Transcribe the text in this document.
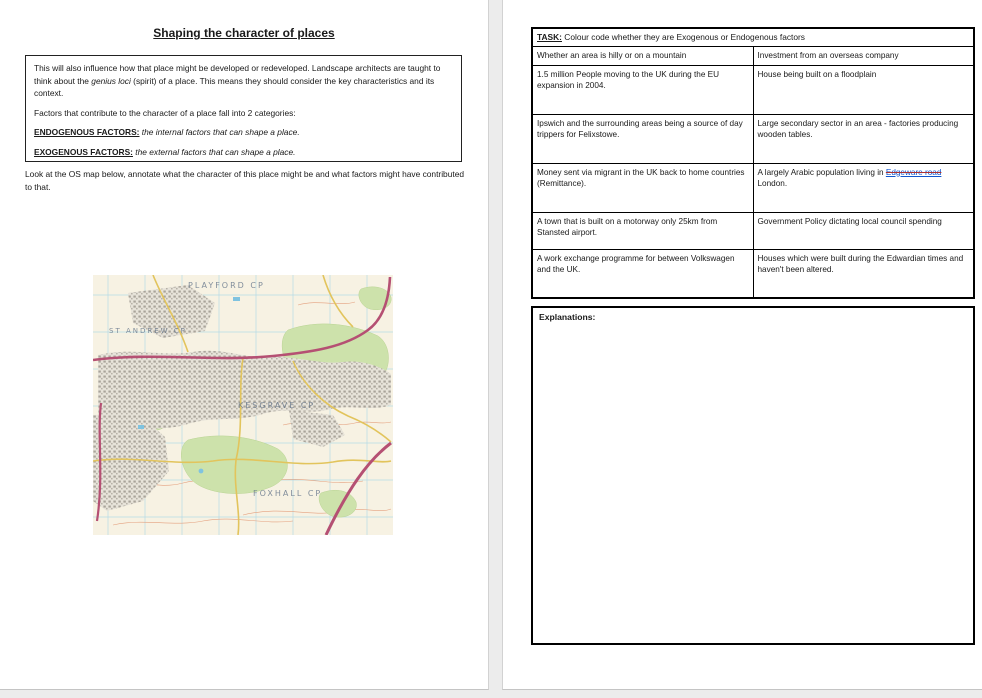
Shaping the character of places

This will also influence how that place might be developed or redeveloped. Landscape architects are taught to think about the genius loci (spirit) of a place. This means they should consider the key characteristics and its context.

Factors that contribute to the character of a place fall into 2 categories:

ENDOGENOUS FACTORS: the internal factors that can shape a place.

EXOGENOUS FACTORS: the external factors that can shape a place.

Look at the OS map below, annotate what the character of this place might be and what factors might have contributed to that.
PLAYFORD CP
ST ANDREW CP
KESGRAVE CP
FOXHALL CP
TASK: Colour code whether they are Exogenous or Endogenous factors	
Whether an area is hilly or on a mountain	Investment from an overseas company
1.5 million People moving to the UK during the EU expansion in 2004.	House being built on a floodplain
Ipswich and the surrounding areas being a source of day trippers for Felixstowe.	Large secondary sector in an area - factories producing wooden tables.
Money sent via migrant in the UK back to home countries (Remittance).	A largely Arabic population living in Edgeware road London.
A town that is built on a motorway only 25km from Stansted airport.	Government Policy dictating local council spending
A work exchange programme for between Volkswagen and the UK.	Houses which were built during the Edwardian times and haven't been altered.
Explanations:
